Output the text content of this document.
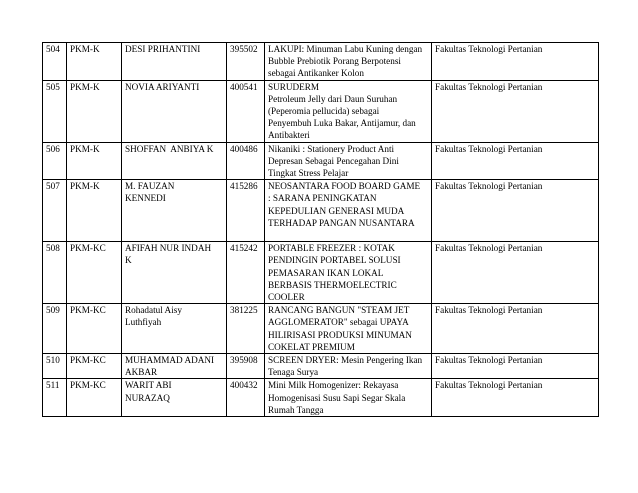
504	PKM-K	DESI PRIHANTINI	395502	LAKUPI: Minuman Labu Kuning dengan
Bubble Prebiotik Porang Berpotensi
sebagai Antikanker Kolon	Fakultas Teknologi Pertanian
505	PKM-K	NOVIA ARIYANTI	400541	SURUDERM
Petroleum Jelly dari Daun Suruhan
(Peperomia pellucida) sebagai
Penyembuh Luka Bakar, Antijamur, dan
Antibakteri	Fakultas Teknologi Pertanian
506	PKM-K	SHOFFAN  ANBIYA K	400486	Nikaniki : Stationery Product Anti
Depresan Sebagai Pencegahan Dini
Tingkat Stress Pelajar	Fakultas Teknologi Pertanian
507	PKM-K	M. FAUZAN
KENNEDI	415286	NEOSANTARA FOOD BOARD GAME
: SARANA PENINGKATAN
KEPEDULIAN GENERASI MUDA
TERHADAP PANGAN NUSANTARA	Fakultas Teknologi Pertanian
508	PKM-KC	AFIFAH NUR INDAH
K	415242	PORTABLE FREEZER : KOTAK
PENDINGIN PORTABEL SOLUSI
PEMASARAN IKAN LOKAL
BERBASIS THERMOELECTRIC
COOLER	Fakultas Teknologi Pertanian
509	PKM-KC	Rohadatul Aisy
Luthfiyah	381225	RANCANG BANGUN "STEAM JET
AGGLOMERATOR" sebagai UPAYA
HILIRISASI PRODUKSI MINUMAN
COKELAT PREMIUM	Fakultas Teknologi Pertanian
510	PKM-KC	MUHAMMAD ADANI
AKBAR	395908	SCREEN DRYER: Mesin Pengering Ikan
Tenaga Surya	Fakultas Teknologi Pertanian
511	PKM-KC	WARIT ABI
NURAZAQ	400432	Mini Milk Homogenizer: Rekayasa
Homogenisasi Susu Sapi Segar Skala
Rumah Tangga	Fakultas Teknologi Pertanian
